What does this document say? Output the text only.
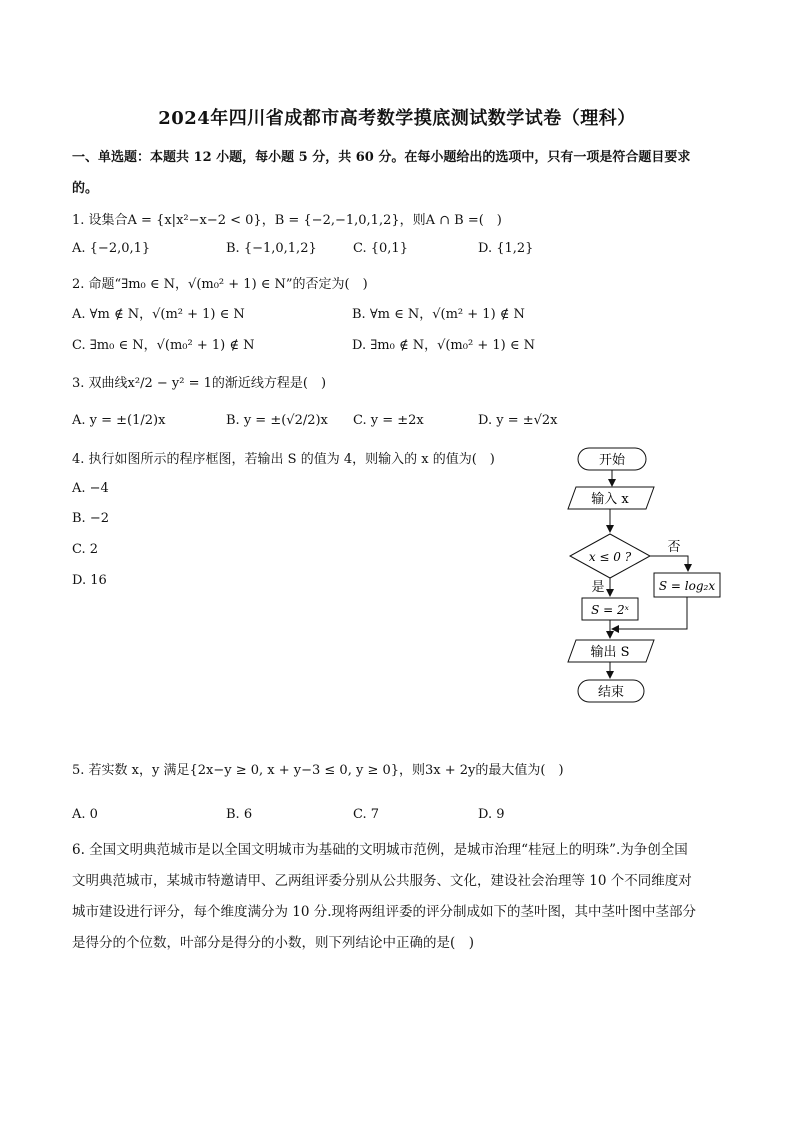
2024年四川省成都市高考数学摸底测试数学试卷（理科）
一、单选题：本题共 12 小题，每小题 5 分，共 60 分。在每小题给出的选项中，只有一项是符合题目要求
的。
1. 设集合A = {x|x²−x−2 < 0}，B = {−2,−1,0,1,2}，则A ∩ B =(　)
A. {−2,0,1}	B. {−1,0,1,2}	C. {0,1}	D. {1,2}
2. 命题“∃m₀ ∈ N，√(m₀² + 1) ∈ N”的否定为(　)
A. ∀m ∉ N，√(m² + 1) ∈ N	B. ∀m ∈ N，√(m² + 1) ∉ N
C. ∃m₀ ∈ N，√(m₀² + 1) ∉ N	D. ∃m₀ ∉ N，√(m₀² + 1) ∈ N
3. 双曲线x²/2 − y² = 1的渐近线方程是(　)
A. y = ±(1/2)x	B. y = ±(√2/2)x C. y = ±2x	D. y = ±√2x
4. 执行如图所示的程序框图，若输出 S 的值为 4，则输入的 x 的值为(　)
A. −4
B. −2
C. 2
D. 16
开始
输入 x
x ≤ 0 ?
否
S = log₂x
是
S = 2ˣ
输出 S
结束
5. 若实数 x，y 满足{2x−y ≥ 0, x + y−3 ≤ 0, y ≥ 0}，则3x + 2y的最大值为(　)
A. 0	B. 6	C. 7	D. 9
6. 全国文明典范城市是以全国文明城市为基础的文明城市范例，是城市治理“桂冠上的明珠”.为争创全国
文明典范城市，某城市特邀请甲、乙两组评委分别从公共服务、文化，建设社会治理等 10 个不同维度对
城市建设进行评分，每个维度满分为 10 分.现将两组评委的评分制成如下的茎叶图，其中茎叶图中茎部分
是得分的个位数，叶部分是得分的小数，则下列结论中正确的是(　)
